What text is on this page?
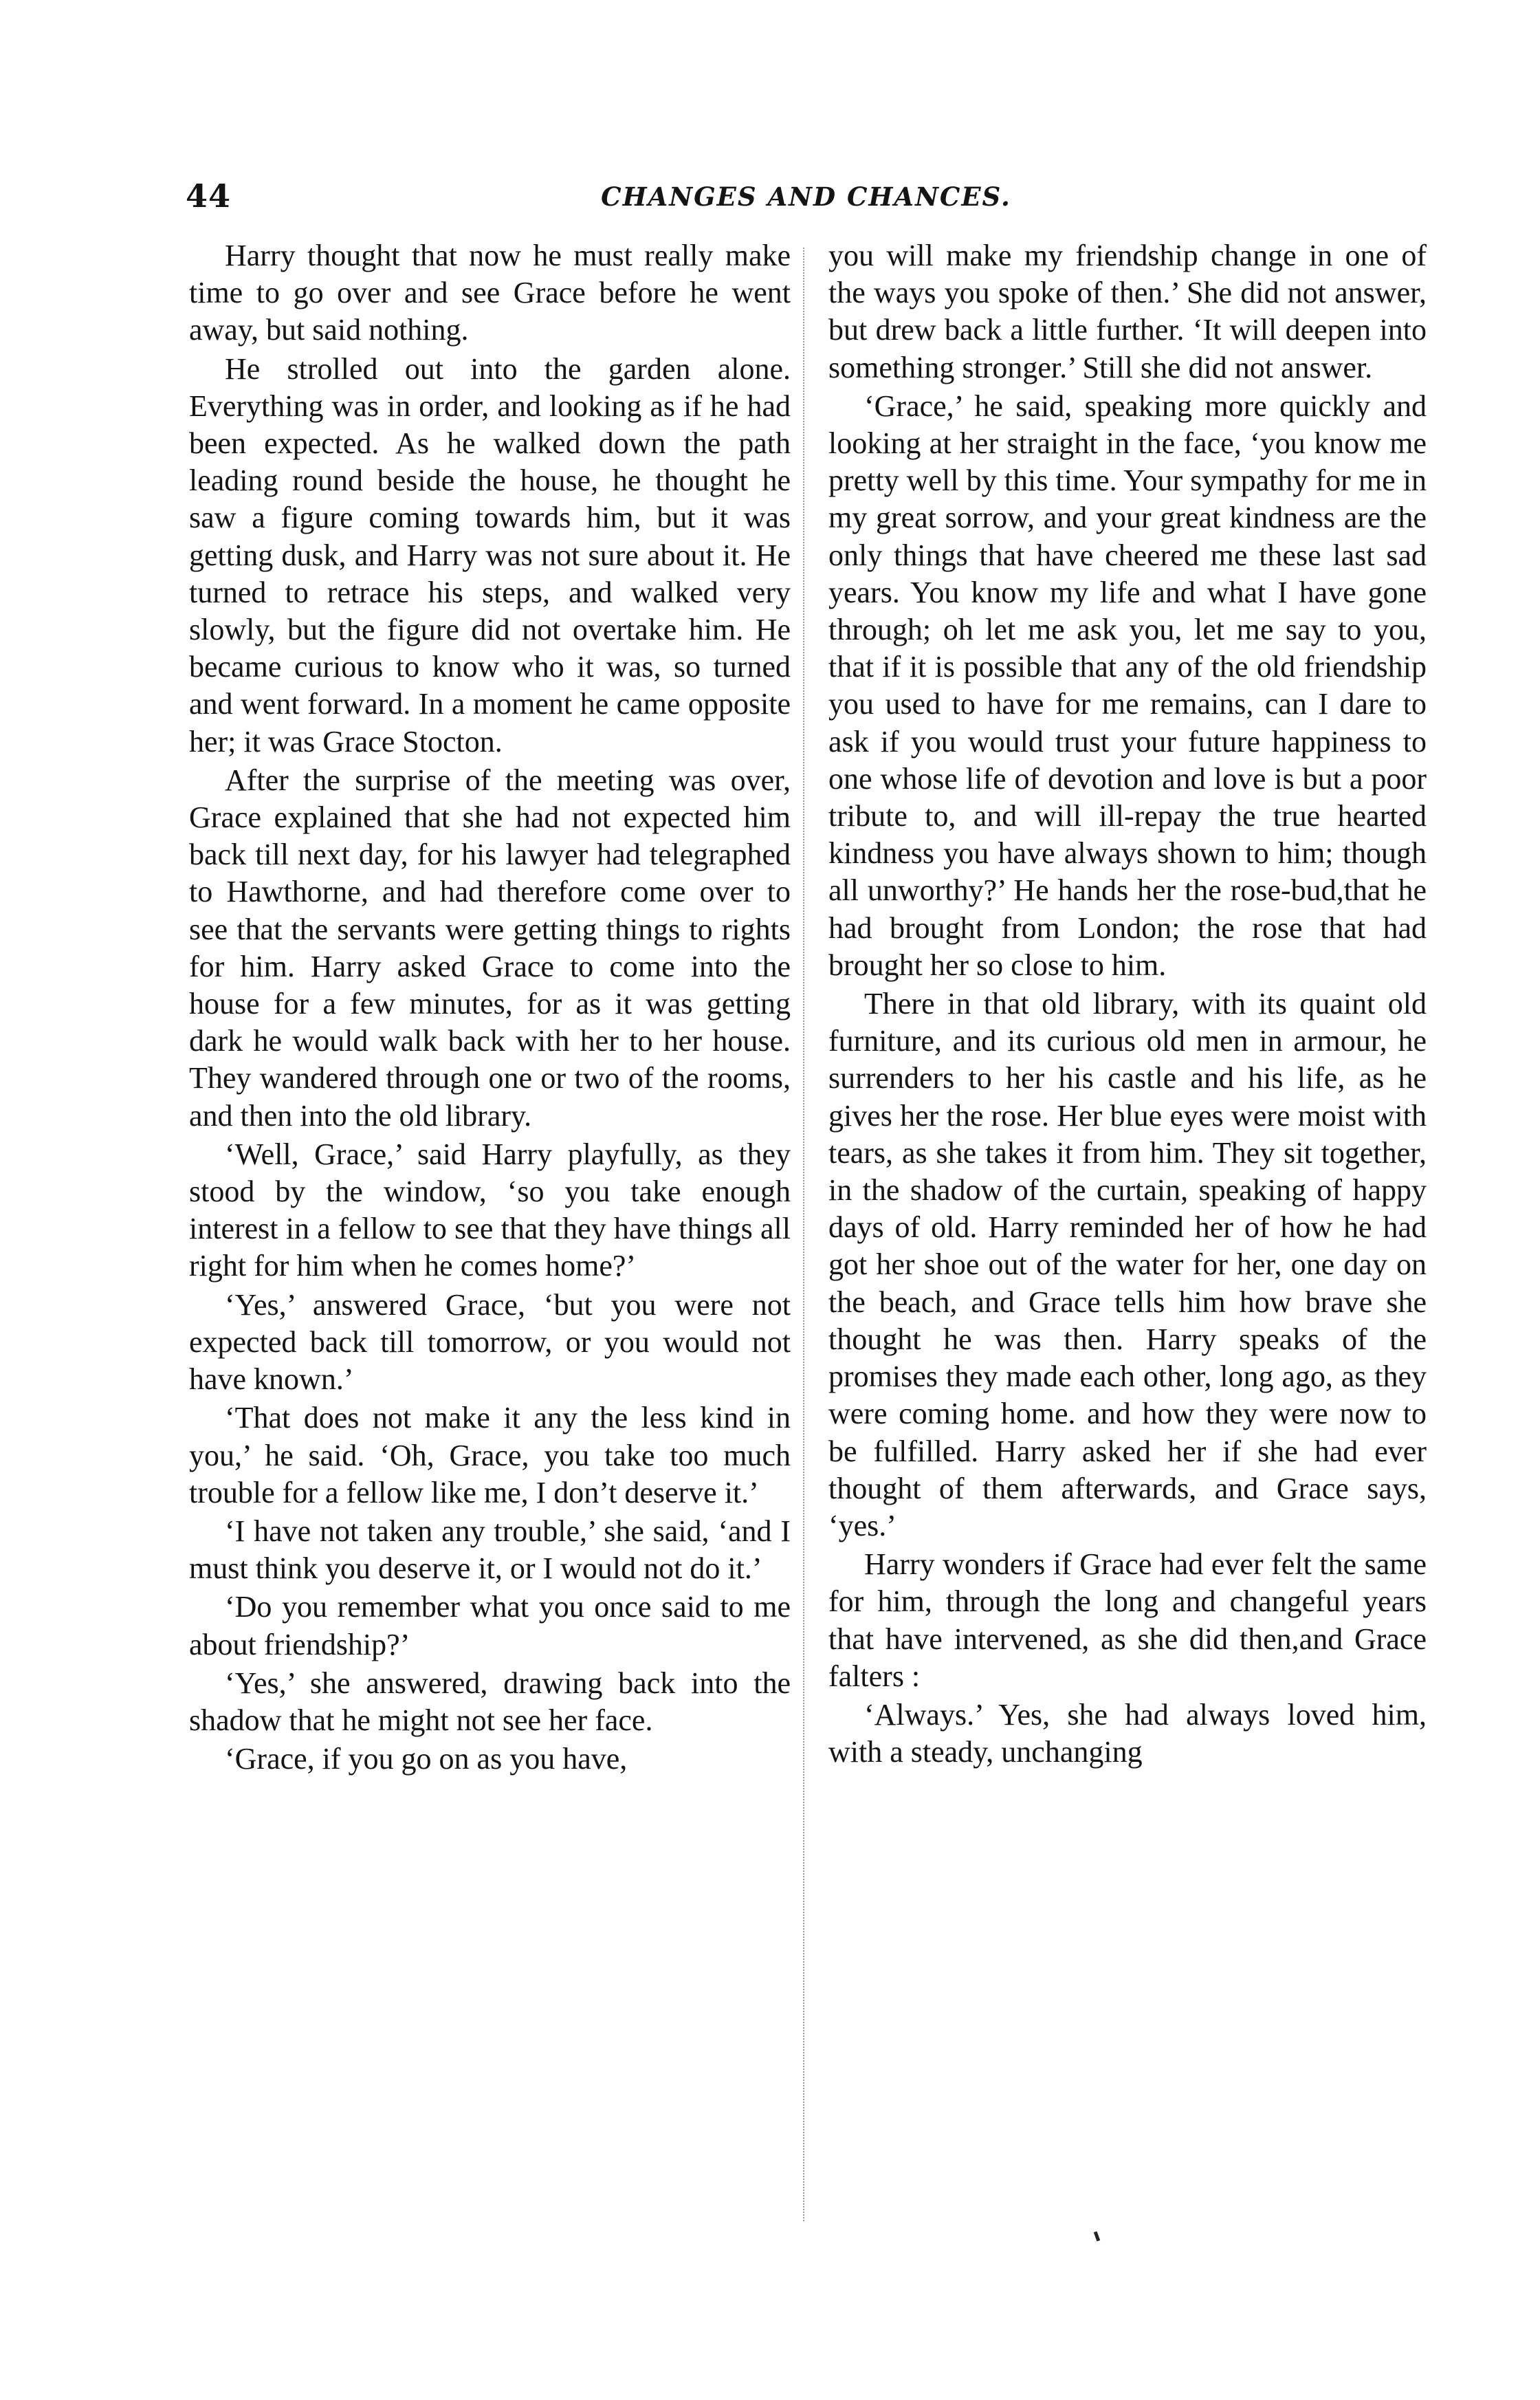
44	CHANGES AND CHANCES.

Harry thought that now he must really make time to go over and see Grace before he went away, but said nothing.

He strolled out into the garden alone. Everything was in order, and looking as if he had been expected. As he walked down the path leading round beside the house, he thought he saw a figure coming towards him, but it was getting dusk, and Harry was not sure about it. He turned to retrace his steps, and walked very slowly, but the figure did not overtake him. He became curious to know who it was, so turned and went forward. In a moment he came opposite her; it was Grace Stocton.

After the surprise of the meeting was over, Grace explained that she had not expected him back till next day, for his lawyer had telegraphed to Hawthorne, and had therefore come over to see that the servants were getting things to rights for him. Harry asked Grace to come into the house for a few minutes, for as it was getting dark he would walk back with her to her house. They wandered through one or two of the rooms, and then into the old library.

‘Well, Grace,’ said Harry playfully, as they stood by the window, ‘so you take enough interest in a fellow to see that they have things all right for him when he comes home?’

‘Yes,’ answered Grace, ‘but you were not expected back till tomorrow, or you would not have known.’

‘That does not make it any the less kind in you,’ he said. ‘Oh, Grace, you take too much trouble for a fellow like me, I don’t deserve it.’

‘I have not taken any trouble,’ she said, ‘and I must think you deserve it, or I would not do it.’

‘Do you remember what you once said to me about friendship?’

‘Yes,’ she answered, drawing back into the shadow that he might not see her face.

‘Grace, if you go on as you have,

you will make my friendship change in one of the ways you spoke of then.’ She did not answer, but drew back a little further. ‘It will deepen into something stronger.’ Still she did not answer.

‘Grace,’ he said, speaking more quickly and looking at her straight in the face, ‘you know me pretty well by this time. Your sympathy for me in my great sorrow, and your great kindness are the only things that have cheered me these last sad years. You know my life and what I have gone through; oh let me ask you, let me say to you, that if it is possible that any of the old friendship you used to have for me remains, can I dare to ask if you would trust your future happiness to one whose life of devotion and love is but a poor tribute to, and will ill-repay the true hearted kindness you have always shown to him; though all unworthy?’ He hands her the rose-bud,that he had brought from London; the rose that had brought her so close to him.

There in that old library, with its quaint old furniture, and its curious old men in armour, he surrenders to her his castle and his life, as he gives her the rose. Her blue eyes were moist with tears, as she takes it from him. They sit together, in the shadow of the curtain, speaking of happy days of old. Harry reminded her of how he had got her shoe out of the water for her, one day on the beach, and Grace tells him how brave she thought he was then. Harry speaks of the promises they made each other, long ago, as they were coming home. and how they were now to be fulfilled. Harry asked her if she had ever thought of them afterwards, and Grace says, ‘yes.’

Harry wonders if Grace had ever felt the same for him, through the long and changeful years that have intervened, as she did then,and Grace falters :

‘Always.’ Yes, she had always loved him, with a steady, unchanging
